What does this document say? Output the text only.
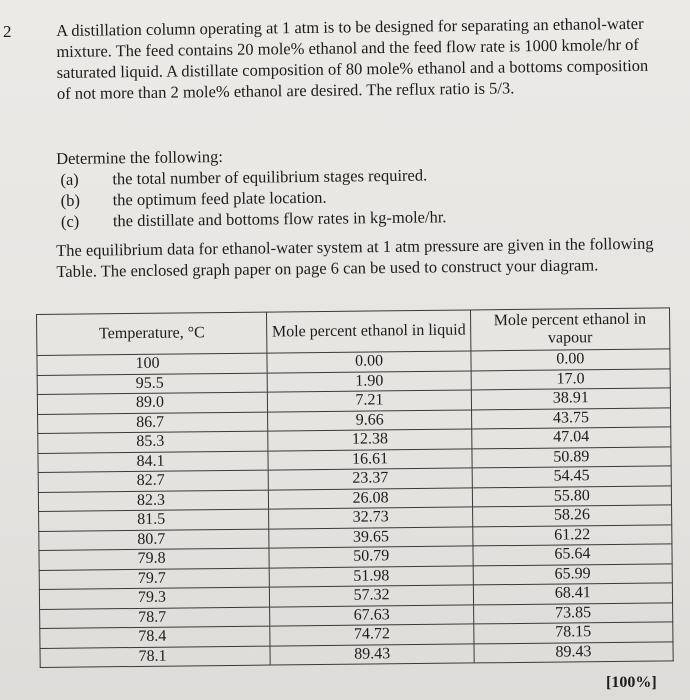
2	A distillation column operating at 1 atm is to be designed for separating an ethanol-water mixture. The feed contains 20 mole% ethanol and the feed flow rate is 1000 kmole/hr of saturated liquid. A distillate composition of 80 mole% ethanol and a bottoms composition of not more than 2 mole% ethanol are desired. The reflux ratio is 5/3.

Determine the following:
(a)	the total number of equilibrium stages required.
(b)	the optimum feed plate location.
(c)	the distillate and bottoms flow rates in kg-mole/hr.

The equilibrium data for ethanol-water system at 1 atm pressure are given in the following Table. The enclosed graph paper on page 6 can be used to construct your diagram.

Temperature, °C	Mole percent ethanol in liquid	Mole percent ethanol in vapour
100	0.00	0.00
95.5	1.90	17.0
89.0	7.21	38.91
86.7	9.66	43.75
85.3	12.38	47.04
84.1	16.61	50.89
82.7	23.37	54.45
82.3	26.08	55.80
81.5	32.73	58.26
80.7	39.65	61.22
79.8	50.79	65.64
79.7	51.98	65.99
79.3	57.32	68.41
78.7	67.63	73.85
78.4	74.72	78.15
78.1	89.43	89.43
[100%]
